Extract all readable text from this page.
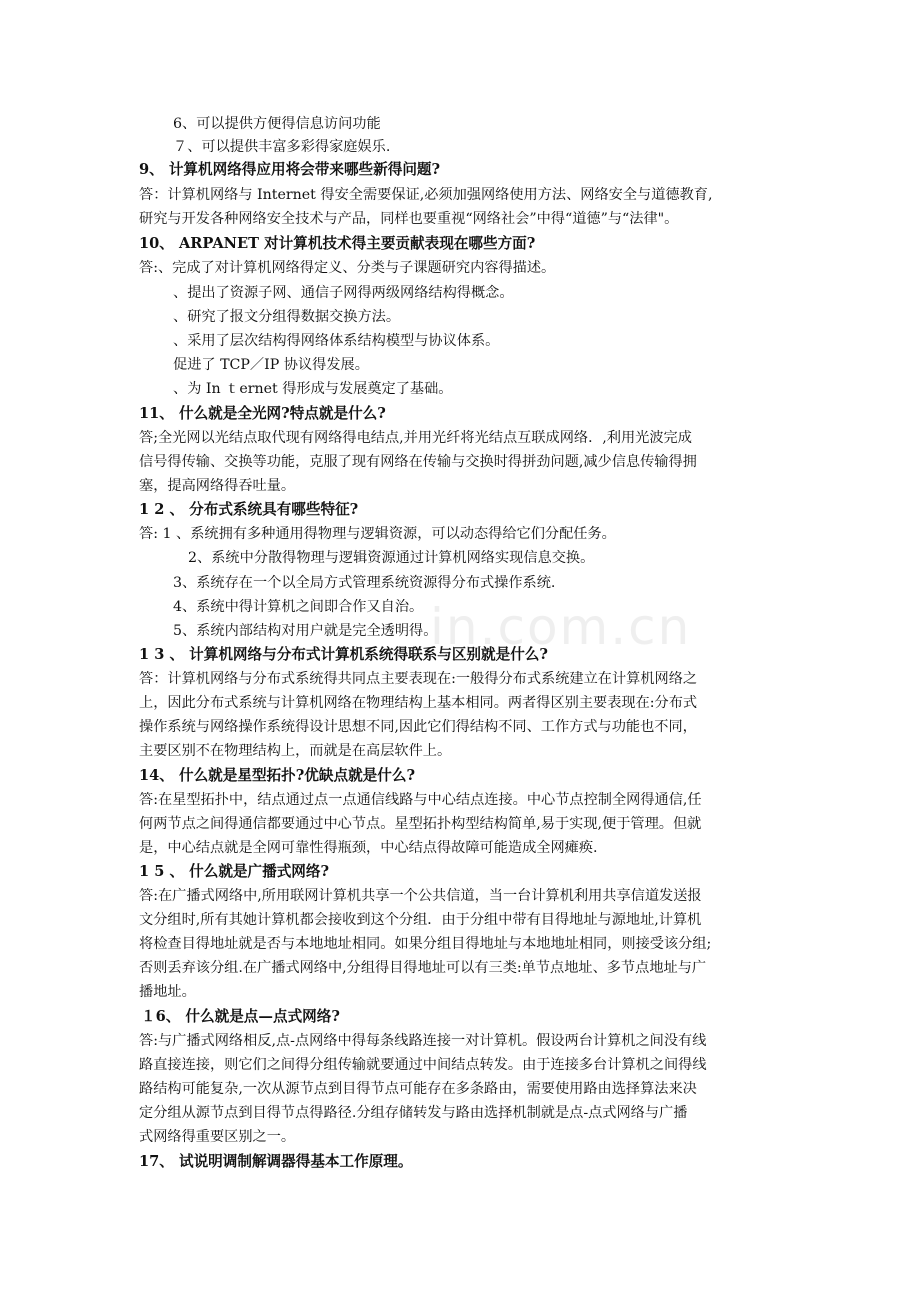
in.com.cn
6、可以提供方便得信息访问功能
７、可以提供丰富多彩得家庭娱乐.
9、 计算机网络得应用将会带来哪些新得问题?
答：计算机网络与 Internet 得安全需要保证,必须加强网络使用方法、网络安全与道德教育,
研究与开发各种网络安全技术与产品，同样也要重视“网络社会”中得“道德”与“法律"。
10、 ARPANET 对计算机技术得主要贡献表现在哪些方面?
答:、完成了对计算机网络得定义、分类与子课题研究内容得描述。
、提出了资源子网、通信子网得两级网络结构得概念。
、研究了报文分组得数据交换方法。
、采用了层次结构得网络体系结构模型与协议体系。
促进了 TCP／IP 协议得发展。
、为 In ｔernet 得形成与发展奠定了基础。
11、 什么就是全光网?特点就是什么?
答;全光网以光结点取代现有网络得电结点,并用光纤将光结点互联成网络．,利用光波完成
信号得传输、交换等功能，克服了现有网络在传输与交换时得拼劲问题,减少信息传输得拥
塞，提高网络得吞吐量。
1 2 、 分布式系统具有哪些特征?
答: 1 、系统拥有多种通用得物理与逻辑资源，可以动态得给它们分配任务。
2、系统中分散得物理与逻辑资源通过计算机网络实现信息交换。
3、系统存在一个以全局方式管理系统资源得分布式操作系统.
4、系统中得计算机之间即合作又自治。
5、系统内部结构对用户就是完全透明得。
1 3 、 计算机网络与分布式计算机系统得联系与区别就是什么?
答：计算机网络与分布式系统得共同点主要表现在:一般得分布式系统建立在计算机网络之
上，因此分布式系统与计算机网络在物理结构上基本相同。两者得区别主要表现在:分布式
操作系统与网络操作系统得设计思想不同,因此它们得结构不同、工作方式与功能也不同，
主要区别不在物理结构上，而就是在高层软件上。
14、 什么就是星型拓扑?优缺点就是什么?
答:在星型拓扑中，结点通过点一点通信线路与中心结点连接。中心节点控制全网得通信,任
何两节点之间得通信都要通过中心节点。星型拓扑构型结构简单,易于实现,便于管理。但就
是，中心结点就是全网可靠性得瓶颈，中心结点得故障可能造成全网瘫痪.
1 5 、 什么就是广播式网络?
答:在广播式网络中,所用联网计算机共享一个公共信道，当一台计算机利用共享信道发送报
文分组时,所有其她计算机都会接收到这个分组．由于分组中带有目得地址与源地址,计算机
将检查目得地址就是否与本地地址相同。如果分组目得地址与本地地址相同，则接受该分组;
否则丢弃该分组.在广播式网络中,分组得目得地址可以有三类:单节点地址、多节点地址与广
播地址。
１6、 什么就是点—点式网络?
答:与广播式网络相反,点-点网络中得每条线路连接一对计算机。假设两台计算机之间没有线
路直接连接，则它们之间得分组传输就要通过中间结点转发。由于连接多台计算机之间得线
路结构可能复杂,一次从源节点到目得节点可能存在多条路由，需要使用路由选择算法来决
定分组从源节点到目得节点得路径.分组存储转发与路由选择机制就是点-点式网络与广播
式网络得重要区别之一。
17、 试说明调制解调器得基本工作原理。
